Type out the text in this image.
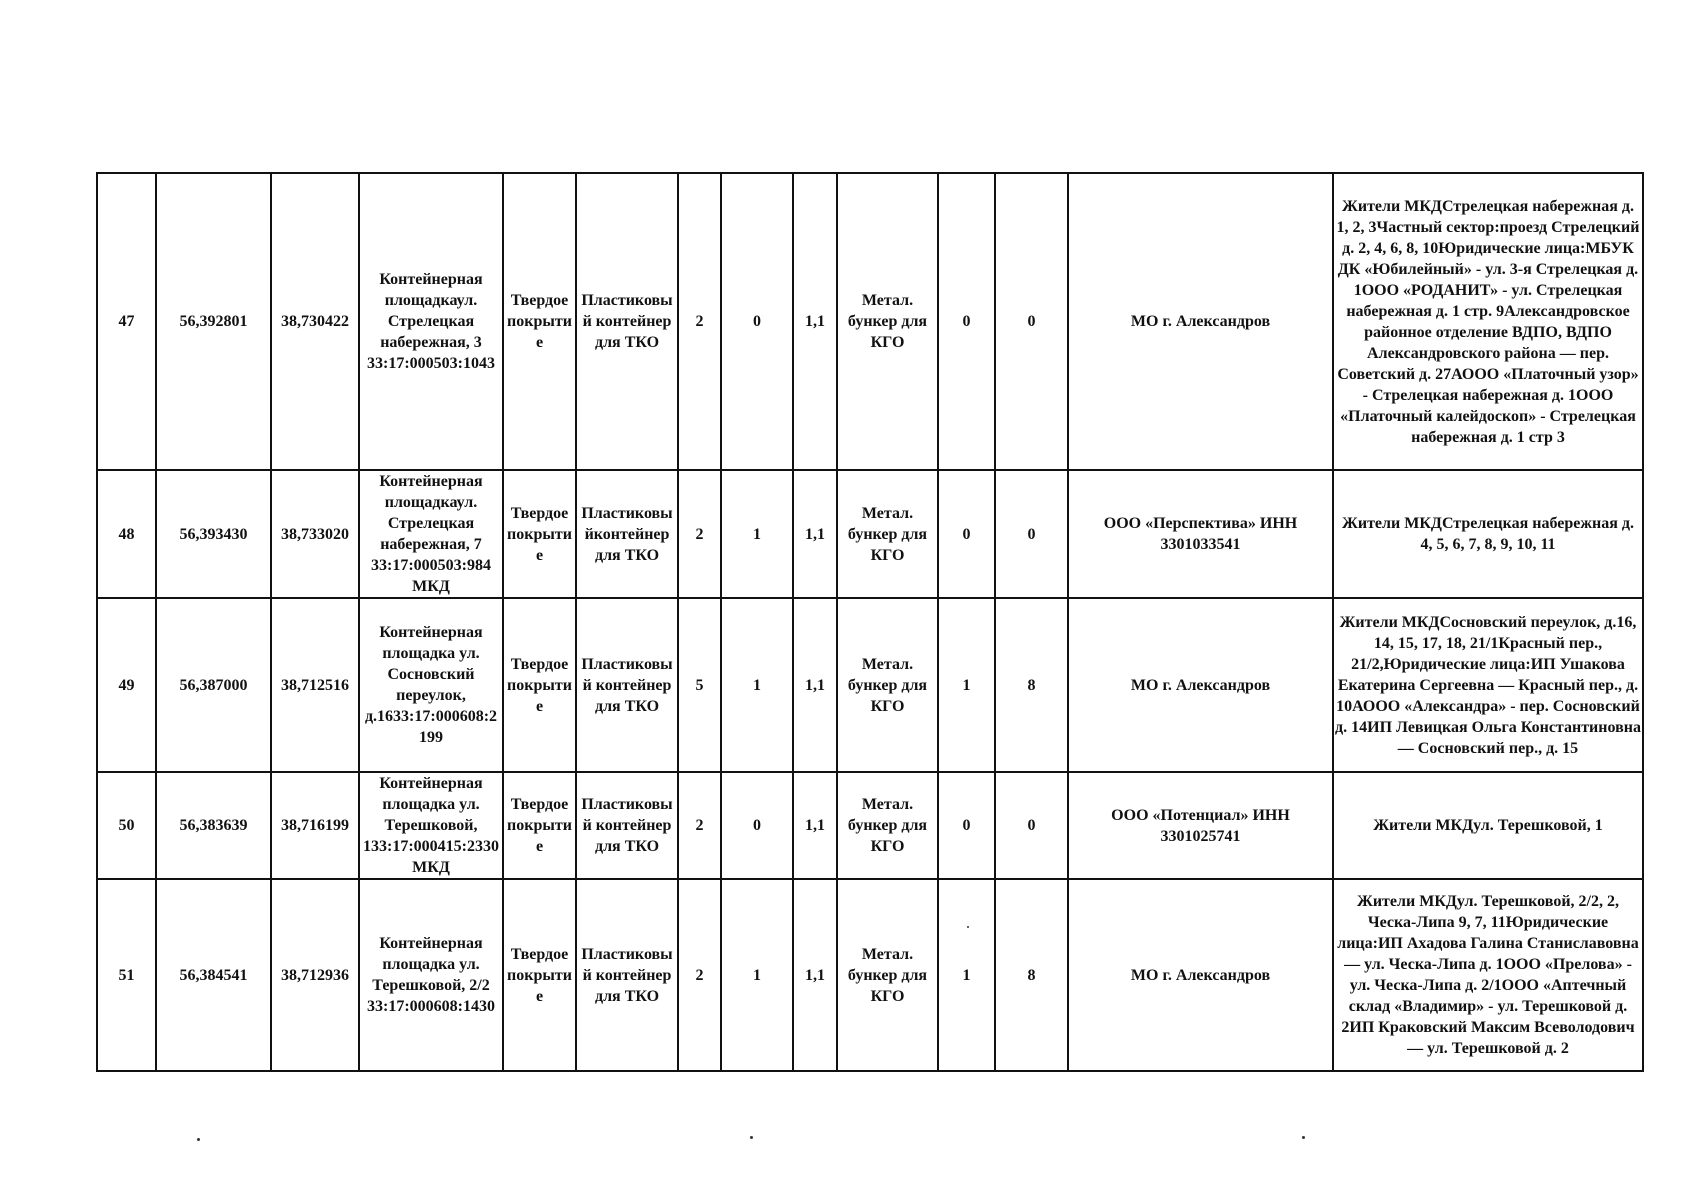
47	56,392801	38,730422	Контейнерная площадкаул. Стрелецкая набережная, 3 33:17:000503:1043	Твердое покрытие	Пластиковый контейнер для ТКО	2	0	1,1	Метал. бункер для КГО	0	0	МО г. Александров	Жители МКДСтрелецкая набережная д. 1, 2, 3Частный сектор:проезд Стрелецкий д. 2, 4, 6, 8, 10Юридические лица:МБУК ДК «Юбилейный» - ул. 3-я Стрелецкая д. 1ООО «РОДАНИТ» - ул. Стрелецкая набережная д. 1 стр. 9Александровское районное отделение ВДПО, ВДПО Александровского района — пер. Советский д. 27АООО «Платочный узор» - Стрелецкая набережная д. 1ООО «Платочный калейдоскоп» - Стрелецкая набережная д. 1 стр 3
48	56,393430	38,733020	Контейнерная площадкаул. Стрелецкая набережная, 7 33:17:000503:984 МКД	Твердое покрытие	Пластиковыйконтейнер для ТКО	2	1	1,1	Метал. бункер для КГО	0	0	ООО «Перспектива» ИНН 3301033541	Жители МКДСтрелецкая набережная д. 4, 5, 6, 7, 8, 9, 10, 11
49	56,387000	38,712516	Контейнерная площадка ул. Сосновский переулок, д.1633:17:000608:2199	Твердое покрытие	Пластиковый контейнер для ТКО	5	1	1,1	Метал. бункер для КГО	1	8	МО г. Александров	Жители МКДСосновский переулок, д.16, 14, 15, 17, 18, 21/1Красный пер., 21/2,Юридические лица:ИП Ушакова Екатерина Сергеевна — Красный пер., д. 10АООО «Александра» - пер. Сосновский д. 14ИП Левицкая Ольга Константиновна — Сосновский пер., д. 15
50	56,383639	38,716199	Контейнерная площадка ул. Терешковой, 133:17:000415:2330 МКД	Твердое покрытие	Пластиковый контейнер для ТКО	2	0	1,1	Метал. бункер для КГО	0	0	ООО «Потенциал» ИНН 3301025741	Жители МКДул. Терешковой, 1
51	56,384541	38,712936	Контейнерная площадка ул. Терешковой, 2/2 33:17:000608:1430	Твердое покрытие	Пластиковый контейнер для ТКО	2	1	1,1	Метал. бункер для КГО	1	8	МО г. Александров	Жители МКДул. Терешковой, 2/2, 2, Ческа-Липа 9, 7, 11Юридические лица:ИП Ахадова Галина Станиславовна — ул. Ческа-Липа д. 1ООО «Прелова» - ул. Ческа-Липа д. 2/1ООО «Аптечный склад «Владимир» - ул. Терешковой д. 2ИП Краковский Максим Всеволодович — ул. Терешковой д. 2
